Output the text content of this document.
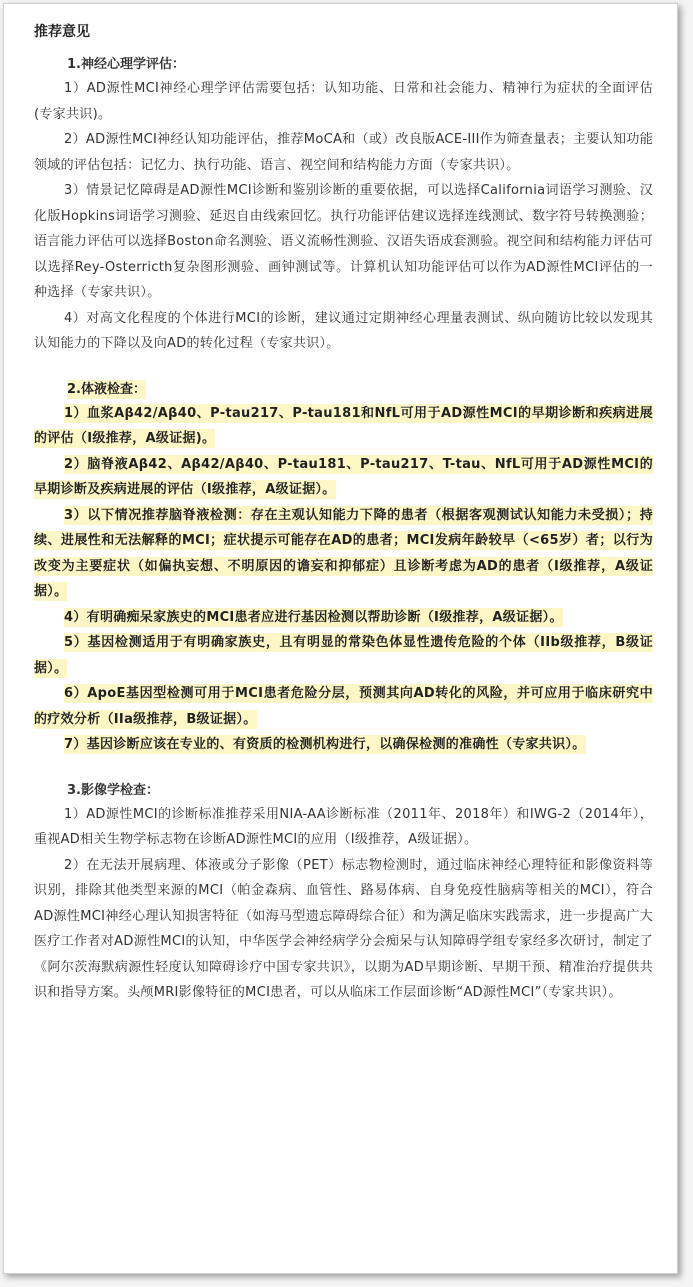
推荐意见

1.神经心理学评估：

1）AD源性MCI神经心理学评估需要包括：认知功能、日常和社会能力、精神行为症状的全面评估(专家共识)。

2）AD源性MCI神经认知功能评估，推荐MoCA和（或）改良版ACE-III作为筛查量表；主要认知功能领域的评估包括：记忆力、执行功能、语言、视空间和结构能力方面（专家共识）。

3）情景记忆障碍是AD源性MCI诊断和鉴别诊断的重要依据，可以选择California词语学习测验、汉化版Hopkins词语学习测验、延迟自由线索回忆。执行功能评估建议选择连线测试、数字符号转换测验；语言能力评估可以选择Boston命名测验、语义流畅性测验、汉语失语成套测验。视空间和结构能力评估可以选择Rey-Osterricth复杂图形测验、画钟测试等。计算机认知功能评估可以作为AD源性MCI评估的一种选择（专家共识）。

4）对高文化程度的个体进行MCI的诊断，建议通过定期神经心理量表测试、纵向随访比较以发现其认知能力的下降以及向AD的转化过程（专家共识）。

2.体液检查：

1）血浆Aβ42/Aβ40、P-tau217、P-tau181和NfL可用于AD源性MCI的早期诊断和疾病进展的评估（I级推荐，A级证据)。

2）脑脊液Aβ42、Aβ42/Aβ40、P-tau181、P-tau217、T-tau、NfL可用于AD源性MCI的早期诊断及疾病进展的评估（I级推荐，A级证据）。

3）以下情况推荐脑脊液检测：存在主观认知能力下降的患者（根据客观测试认知能力未受损）；持续、进展性和无法解释的MCI；症状提示可能存在AD的患者；MCI发病年龄较早（<65岁）者；以行为改变为主要症状（如偏执妄想、不明原因的谵妄和抑郁症）且诊断考虑为AD的患者（I级推荐，A级证据）。

4）有明确痴呆家族史的MCI患者应进行基因检测以帮助诊断（I级推荐，A级证据）。

5）基因检测适用于有明确家族史，且有明显的常染色体显性遗传危险的个体（IIb级推荐，B级证据）。

6）ApoE基因型检测可用于MCI患者危险分层，预测其向AD转化的风险，并可应用于临床研究中的疗效分析（IIa级推荐，B级证据）。

7）基因诊断应该在专业的、有资质的检测机构进行，以确保检测的准确性（专家共识）。

3.影像学检查：

1）AD源性MCI的诊断标准推荐采用NIA-AA诊断标准（2011年、2018年）和IWG-2（2014年），重视AD相关生物学标志物在诊断AD源性MCI的应用（I级推荐，A级证据）。

2）在无法开展病理、体液或分子影像（PET）标志物检测时，通过临床神经心理特征和影像资料等识别，排除其他类型来源的MCI（帕金森病、血管性、路易体病、自身免疫性脑病等相关的MCI），符合AD源性MCI神经心理认知损害特征（如海马型遗忘障碍综合征）和为满足临床实践需求，进一步提高广大医疗工作者对AD源性MCI的认知，中华医学会神经病学分会痴呆与认知障碍学组专家经多次研讨，制定了《阿尔茨海默病源性轻度认知障碍诊疗中国专家共识》，以期为AD早期诊断、早期干预、精准治疗提供共识和指导方案。头颅MRI影像特征的MCI患者，可以从临床工作层面诊断“AD源性MCI”（专家共识）。
